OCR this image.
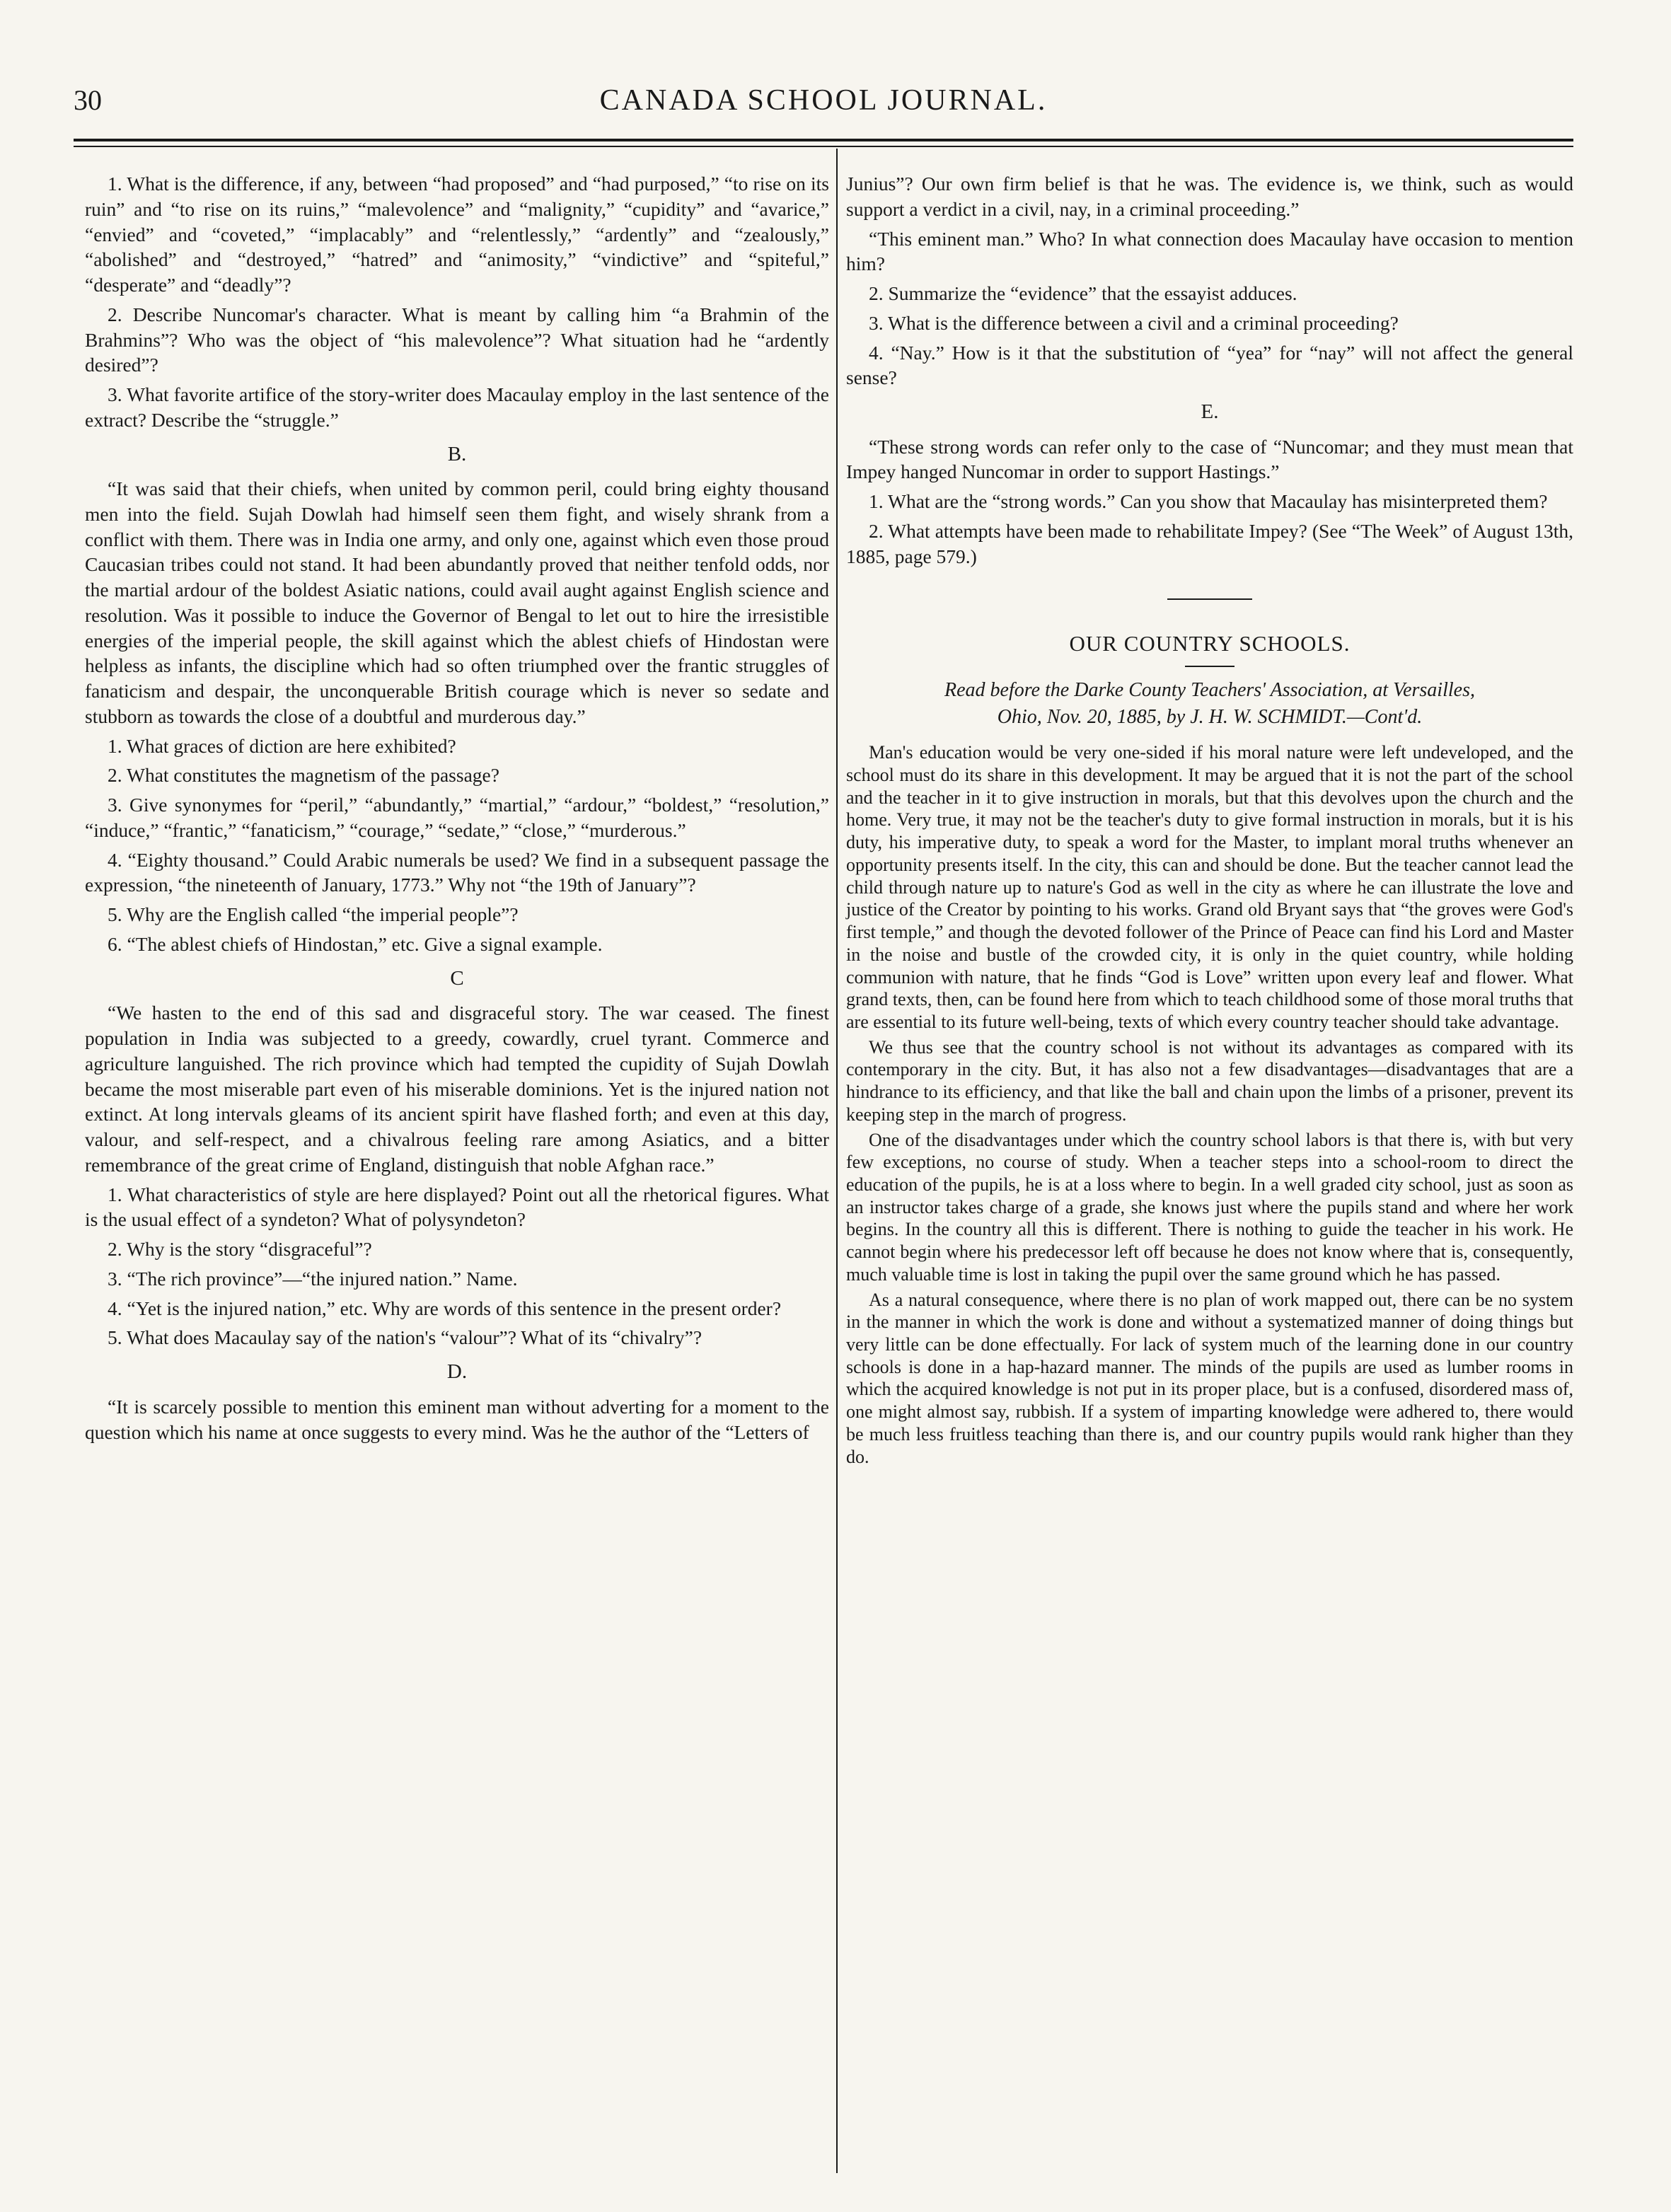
30	CANADA SCHOOL JOURNAL.

1. What is the difference, if any, between “had proposed” and “had purposed,” “to rise on its ruin” and “to rise on its ruins,” “malevolence” and “malignity,” “cupidity” and “avarice,” “envied” and “coveted,” “implacably” and “relentlessly,” “ardently” and “zealously,” “abolished” and “destroyed,” “hatred” and “animosity,” “vindictive” and “spiteful,” “desperate” and “deadly”?

2. Describe Nuncomar's character. What is meant by calling him “a Brahmin of the Brahmins”? Who was the object of “his malevolence”? What situation had he “ardently desired”?

3. What favorite artifice of the story-writer does Macaulay employ in the last sentence of the extract? Describe the “struggle.”

B.

“It was said that their chiefs, when united by common peril, could bring eighty thousand men into the field. Sujah Dowlah had himself seen them fight, and wisely shrank from a conflict with them. There was in India one army, and only one, against which even those proud Caucasian tribes could not stand. It had been abundantly proved that neither tenfold odds, nor the martial ardour of the boldest Asiatic nations, could avail aught against English science and resolution. Was it possible to induce the Governor of Bengal to let out to hire the irresistible energies of the imperial people, the skill against which the ablest chiefs of Hindostan were helpless as infants, the discipline which had so often triumphed over the frantic struggles of fanaticism and despair, the unconquerable British courage which is never so sedate and stubborn as towards the close of a doubtful and murderous day.”

1. What graces of diction are here exhibited?

2. What constitutes the magnetism of the passage?

3. Give synonymes for “peril,” “abundantly,” “martial,” “ardour,” “boldest,” “resolution,” “induce,” “frantic,” “fanaticism,” “courage,” “sedate,” “close,” “murderous.”

4. “Eighty thousand.” Could Arabic numerals be used? We find in a subsequent passage the expression, “the nineteenth of January, 1773.” Why not “the 19th of January”?

5. Why are the English called “the imperial people”?

6. “The ablest chiefs of Hindostan,” etc. Give a signal example.

C

“We hasten to the end of this sad and disgraceful story. The war ceased. The finest population in India was subjected to a greedy, cowardly, cruel tyrant. Commerce and agriculture languished. The rich province which had tempted the cupidity of Sujah Dowlah became the most miserable part even of his miserable dominions. Yet is the injured nation not extinct. At long intervals gleams of its ancient spirit have flashed forth; and even at this day, valour, and self-respect, and a chivalrous feeling rare among Asiatics, and a bitter remembrance of the great crime of England, distinguish that noble Afghan race.”

1. What characteristics of style are here displayed? Point out all the rhetorical figures. What is the usual effect of a syndeton? What of polysyndeton?

2. Why is the story “disgraceful”?

3. “The rich province”—“the injured nation.” Name.

4. “Yet is the injured nation,” etc. Why are words of this sentence in the present order?

5. What does Macaulay say of the nation's “valour”? What of its “chivalry”?

D.

“It is scarcely possible to mention this eminent man without adverting for a moment to the question which his name at once suggests to every mind. Was he the author of the “Letters of

Junius”? Our own firm belief is that he was. The evidence is, we think, such as would support a verdict in a civil, nay, in a criminal proceeding.”

“This eminent man.” Who? In what connection does Macaulay have occasion to mention him?

2. Summarize the “evidence” that the essayist adduces.

3. What is the difference between a civil and a criminal proceeding?

4. “Nay.” How is it that the substitution of “yea” for “nay” will not affect the general sense?

E.

“These strong words can refer only to the case of “Nuncomar; and they must mean that Impey hanged Nuncomar in order to support Hastings.”

1. What are the “strong words.” Can you show that Macaulay has misinterpreted them?

2. What attempts have been made to rehabilitate Impey? (See “The Week” of August 13th, 1885, page 579.)

OUR COUNTRY SCHOOLS.

Read before the Darke County Teachers' Association, at Versailles,
Ohio, Nov. 20, 1885, by J. H. W. SCHMIDT.—Cont'd.

Man's education would be very one-sided if his moral nature were left undeveloped, and the school must do its share in this development. It may be argued that it is not the part of the school and the teacher in it to give instruction in morals, but that this devolves upon the church and the home. Very true, it may not be the teacher's duty to give formal instruction in morals, but it is his duty, his imperative duty, to speak a word for the Master, to implant moral truths whenever an opportunity presents itself. In the city, this can and should be done. But the teacher cannot lead the child through nature up to nature's God as well in the city as where he can illustrate the love and justice of the Creator by pointing to his works. Grand old Bryant says that “the groves were God's first temple,” and though the devoted follower of the Prince of Peace can find his Lord and Master in the noise and bustle of the crowded city, it is only in the quiet country, while holding communion with nature, that he finds “God is Love” written upon every leaf and flower. What grand texts, then, can be found here from which to teach childhood some of those moral truths that are essential to its future well-being, texts of which every country teacher should take advantage.

We thus see that the country school is not without its advantages as compared with its contemporary in the city. But, it has also not a few disadvantages—disadvantages that are a hindrance to its efficiency, and that like the ball and chain upon the limbs of a prisoner, prevent its keeping step in the march of progress.

One of the disadvantages under which the country school labors is that there is, with but very few exceptions, no course of study. When a teacher steps into a school-room to direct the education of the pupils, he is at a loss where to begin. In a well graded city school, just as soon as an instructor takes charge of a grade, she knows just where the pupils stand and where her work begins. In the country all this is different. There is nothing to guide the teacher in his work. He cannot begin where his predecessor left off because he does not know where that is, consequently, much valuable time is lost in taking the pupil over the same ground which he has passed.

As a natural consequence, where there is no plan of work mapped out, there can be no system in the manner in which the work is done and without a systematized manner of doing things but very little can be done effectually. For lack of system much of the learning done in our country schools is done in a hap-hazard manner. The minds of the pupils are used as lumber rooms in which the acquired knowledge is not put in its proper place, but is a confused, disordered mass of, one might almost say, rubbish. If a system of imparting knowledge were adhered to, there would be much less fruitless teaching than there is, and our country pupils would rank higher than they do.
